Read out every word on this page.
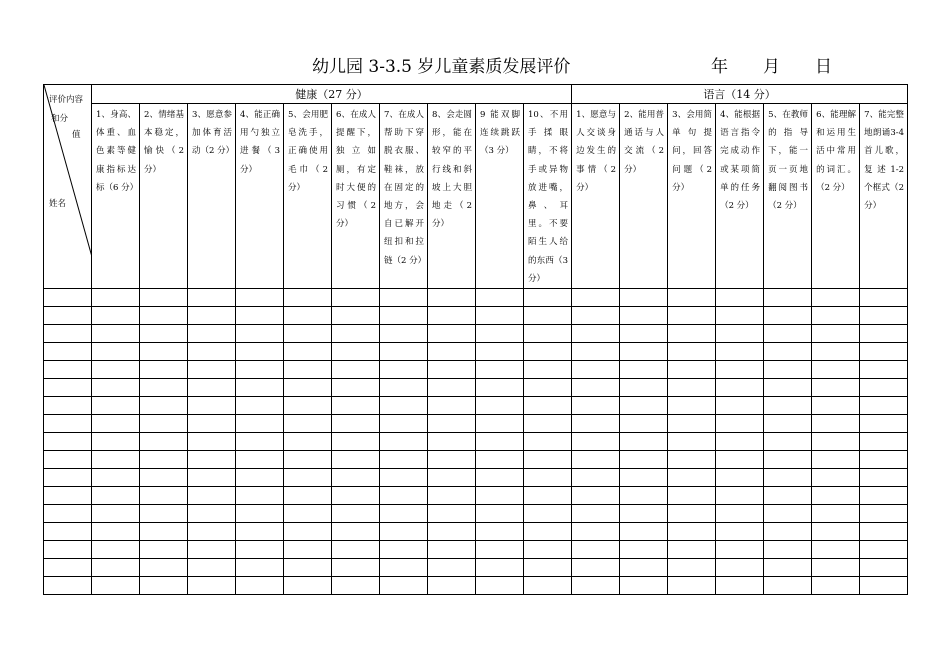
幼儿园 3-3.5 岁儿童素质发展评价	年 月 日
评价内容
和分
值
姓名	健康（27 分）										语言（14 分）						

	1、身高、体重、血色素等健康指标达标（6 分）	2、情绪基本稳定，愉快（2 分）	3、愿意参加体育活动（2 分）	4、能正确用勺独立进餐（3 分）	5、会用肥皂洗手，正确使用毛巾（2 分）	6、在成人提醒下，独立如厕，有定时大便的习惯（2 分）	7、在成人帮助下穿脱衣服、鞋袜，放在固定的地方，会自已解开纽扣和拉链（2 分）	8、会走圆形，能在较窄的平行线和斜坡上大胆地走（2 分）	9 能双脚连续跳跃（3 分）	10、不用手揉眼睛，不将手或异物放进嘴，鼻、耳里。不要陌生人给的东西（3 分）	1、愿意与人交谈身边发生的事情（2 分）	2、能用普通话与人交流（2 分）	3、会用简单句提问，回答问题（2 分）	4、能根据语言指令完成动作或某项简单的任务（2 分）	5、在教师的指导下，能一页一页地翻阅图书（2 分）	6、能理解和运用生活中常用的词汇。（2 分）	7、能完整地朗诵3-4 首儿歌，复述1-2 个框式（2 分）
